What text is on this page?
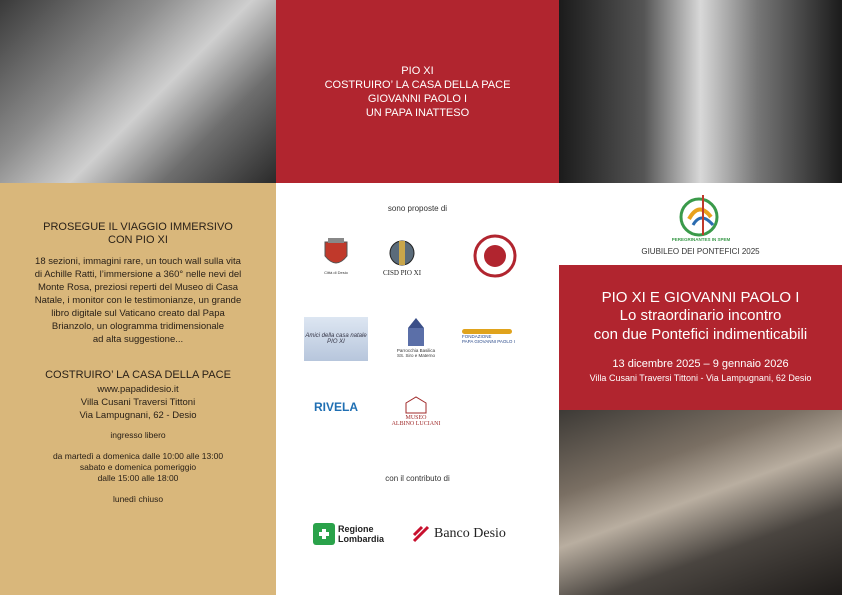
PIO XI
COSTRUIRO’ LA CASA DELLA PACE
GIOVANNI PAOLO I
UN PAPA INATTESO
PROSEGUE IL VIAGGIO IMMERSIVO
CON PIO XI
18 sezioni, immagini rare, un touch wall sulla vita
di Achille Ratti, l’immersione a 360° nelle nevi del
Monte Rosa, preziosi reperti del Museo di Casa
Natale, i monitor con le testimonianze, un grande
libro digitale sul Vaticano creato dal Papa
Brianzolo, un ologramma tridimensionale
ad alta suggestione...
COSTRUIRO’ LA CASA DELLA PACE
www.papadidesio.it
Villa Cusani Traversi Tittoni
Via Lampugnani, 62 - Desio
ingresso libero
da martedì a domenica dalle 10:00 alle 13:00
sabato e domenica pomeriggio
dalle 15:00 alle 18:00
lunedì chiuso
sono proposte di
Città di Desio	CISD PIO XI
Amici della casa natale PIO XI
Parrocchia Basilica
SS. Siro e Materno
FONDAZIONE
PAPA GIOVANNI PAOLO I
RIVELA
MUSEO
ALBINO LUCIANI
con il contributo di
Regione
Lombardia	Banco Desio
PEREGRINANTES IN SPEM
GIUBILEO DEI PONTEFICI 2025
PIO XI E GIOVANNI PAOLO I
Lo straordinario incontro
con due Pontefici indimenticabili
13 dicembre 2025 – 9 gennaio 2026
Villa Cusani Traversi Tittoni - Via Lampugnani, 62 Desio
